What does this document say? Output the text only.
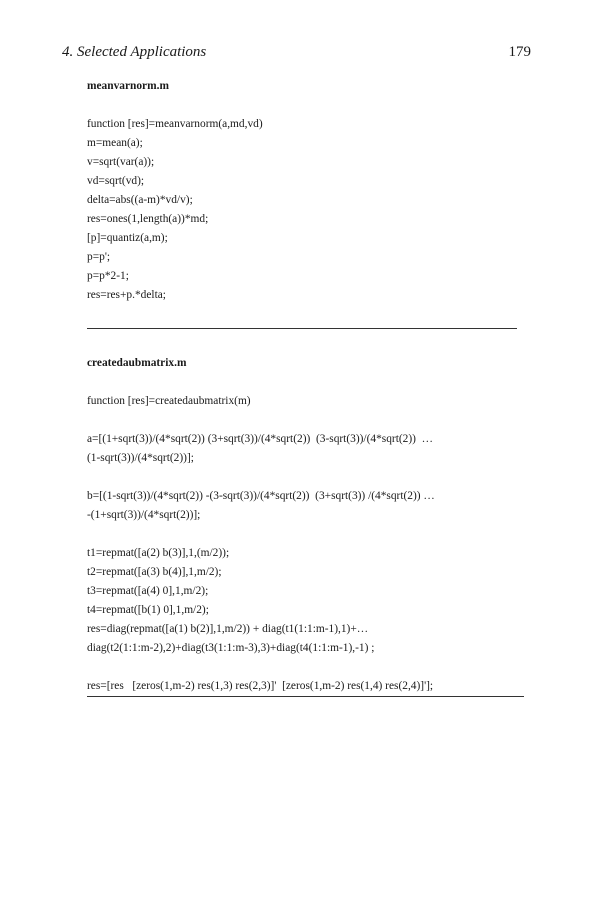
4. Selected Applications	179
meanvarnorm.m
function [res]=meanvarnorm(a,md,vd)
m=mean(a);
v=sqrt(var(a));
vd=sqrt(vd);
delta=abs((a-m)*vd/v);
res=ones(1,length(a))*md;
[p]=quantiz(a,m);
p=p';
p=p*2-1;
res=res+p.*delta;
createdaubmatrix.m
function [res]=createdaubmatrix(m)
a=[(1+sqrt(3))/(4*sqrt(2)) (3+sqrt(3))/(4*sqrt(2))  (3-sqrt(3))/(4*sqrt(2))  …
(1-sqrt(3))/(4*sqrt(2))];
b=[(1-sqrt(3))/(4*sqrt(2)) -(3-sqrt(3))/(4*sqrt(2))  (3+sqrt(3)) /(4*sqrt(2)) …
-(1+sqrt(3))/(4*sqrt(2))];
t1=repmat([a(2) b(3)],1,(m/2));
t2=repmat([a(3) b(4)],1,m/2);
t3=repmat([a(4) 0],1,m/2);
t4=repmat([b(1) 0],1,m/2);
res=diag(repmat([a(1) b(2)],1,m/2)) + diag(t1(1:1:m-1),1)+…
diag(t2(1:1:m-2),2)+diag(t3(1:1:m-3),3)+diag(t4(1:1:m-1),-1) ;
res=[res   [zeros(1,m-2) res(1,3) res(2,3)]'  [zeros(1,m-2) res(1,4) res(2,4)]'];
